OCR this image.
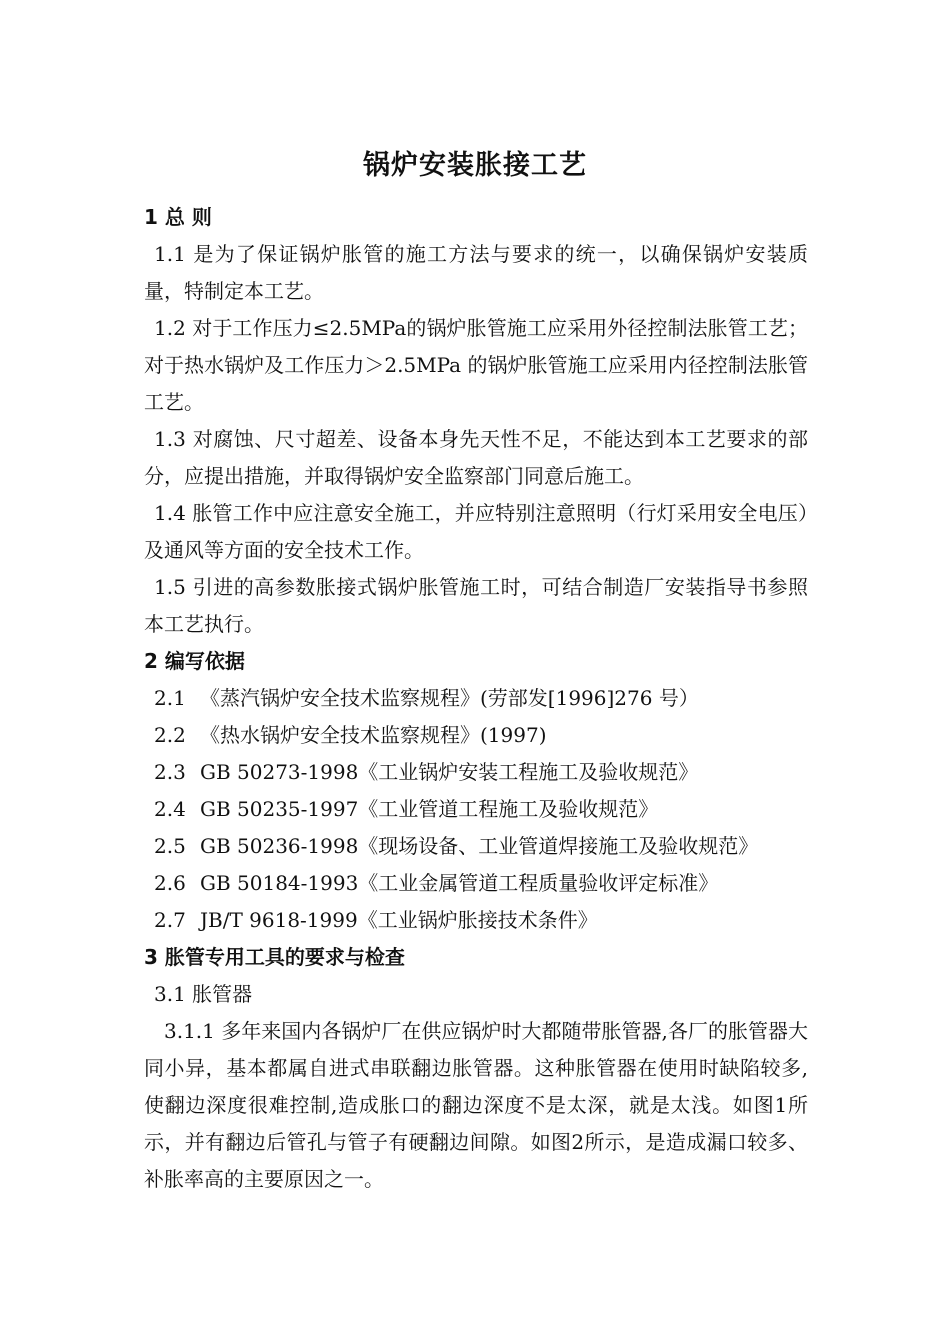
锅炉安装胀接工艺
1 总 则
1.1 是为了保证锅炉胀管的施工方法与要求的统一，以确保锅炉安装质量，特制定本工艺。
1.2 对于工作压力≤2.5MPa的锅炉胀管施工应采用外径控制法胀管工艺；对于热水锅炉及工作压力＞2.5MPa 的锅炉胀管施工应采用内径控制法胀管工艺。
1.3 对腐蚀、尺寸超差、设备本身先天性不足，不能达到本工艺要求的部分，应提出措施，并取得锅炉安全监察部门同意后施工。
1.4 胀管工作中应注意安全施工，并应特别注意照明（行灯采用安全电压）及通风等方面的安全技术工作。
1.5 引进的高参数胀接式锅炉胀管施工时，可结合制造厂安装指导书参照本工艺执行。
2 编写依据
2.1 《蒸汽锅炉安全技术监察规程》(劳部发[1996]276 号）
2.2 《热水锅炉安全技术监察规程》(1997)
2.3 GB 50273-1998《工业锅炉安装工程施工及验收规范》
2.4 GB 50235-1997《工业管道工程施工及验收规范》
2.5 GB 50236-1998《现场设备、工业管道焊接施工及验收规范》
2.6 GB 50184-1993《工业金属管道工程质量验收评定标准》
2.7 JB/T 9618-1999《工业锅炉胀接技术条件》
3 胀管专用工具的要求与检查
3.1 胀管器
3.1.1 多年来国内各锅炉厂在供应锅炉时大都随带胀管器,各厂的胀管器大同小异，基本都属自进式串联翻边胀管器。这种胀管器在使用时缺陷较多,使翻边深度很难控制,造成胀口的翻边深度不是太深，就是太浅。如图1所示，并有翻边后管孔与管子有硬翻边间隙。如图2所示，是造成漏口较多、补胀率高的主要原因之一。
